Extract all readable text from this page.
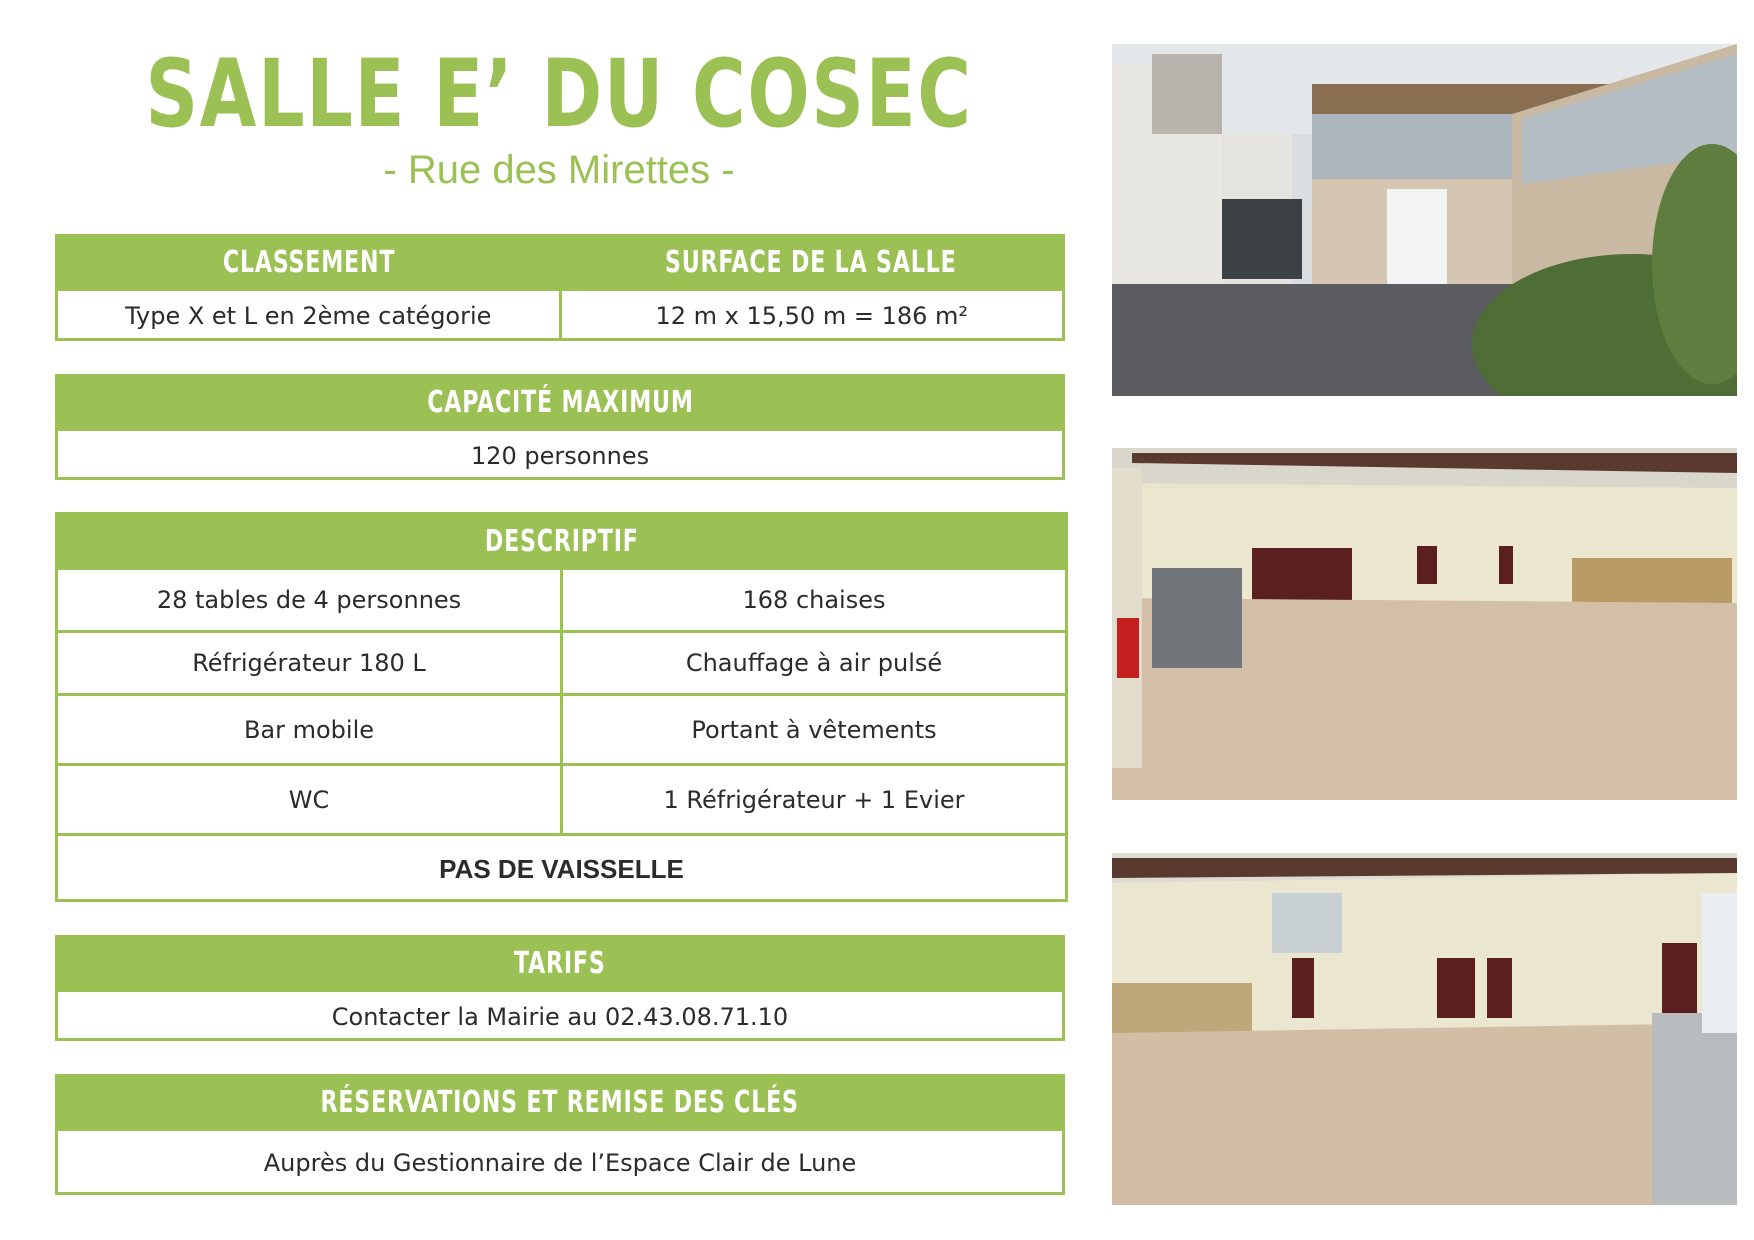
SALLE E’ DU COSEC
- Rue des Mirettes -
CLASSEMENT	SURFACE DE LA SALLE
Type X et L en 2ème catégorie	12 m x 15,50 m = 186 m²
CAPACITÉ MAXIMUM
120 personnes
DESCRIPTIF
28 tables de 4 personnes	168 chaises
Réfrigérateur 180 L	Chauffage à air pulsé
Bar mobile	Portant à vêtements
WC	1 Réfrigérateur + 1 Evier
PAS DE VAISSELLE
TARIFS
Contacter la Mairie au 02.43.08.71.10
RÉSERVATIONS ET REMISE DES CLÉS
Auprès du Gestionnaire de l’Espace Clair de Lune
